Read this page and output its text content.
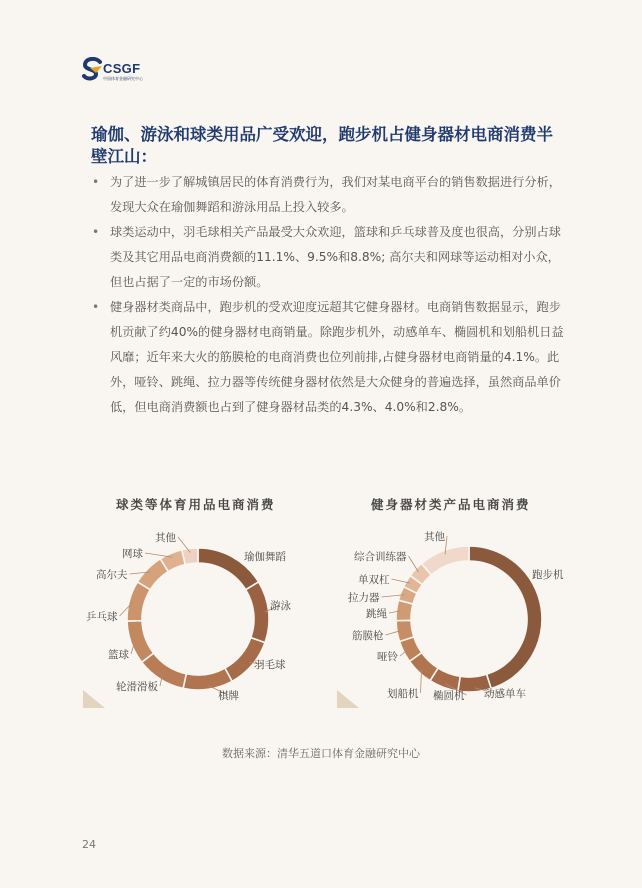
CSGF
中国体育金融研究中心
瑜伽、游泳和球类用品广受欢迎，跑步机占健身器材电商消费半壁江山：
• 为了进一步了解城镇居民的体育消费行为，我们对某电商平台的销售数据进行分析，发现大众在瑜伽舞蹈和游泳用品上投入较多。
• 球类运动中，羽毛球相关产品最受大众欢迎，篮球和乒乓球普及度也很高，分别占球类及其它用品电商消费额的11.1%、9.5%和8.8%; 高尔夫和网球等运动相对小众，但也占据了一定的市场份额。
• 健身器材类商品中，跑步机的受欢迎度远超其它健身器材。电商销售数据显示，跑步机贡献了约40%的健身器材电商销量。除跑步机外，动感单车、椭圆机和划船机日益风靡；近年来大火的筋膜枪的电商消费也位列前排,占健身器材电商销量的4.1%。此外，哑铃、跳绳、拉力器等传统健身器材依然是大众健身的普遍选择，虽然商品单价低，但电商消费额也占到了健身器材品类的4.3%、4.0%和2.8%。
球类等体育用品电商消费	健身器材类产品电商消费
瑜伽舞蹈
游泳
羽毛球
棋牌
轮滑滑板
篮球
乒乓球
高尔夫
网球
其他
跑步机
动感单车
椭圆机
划船机
哑铃
筋膜枪
跳绳
拉力器
单双杠
综合训练器
其他
数据来源：清华五道口体育金融研究中心
24
